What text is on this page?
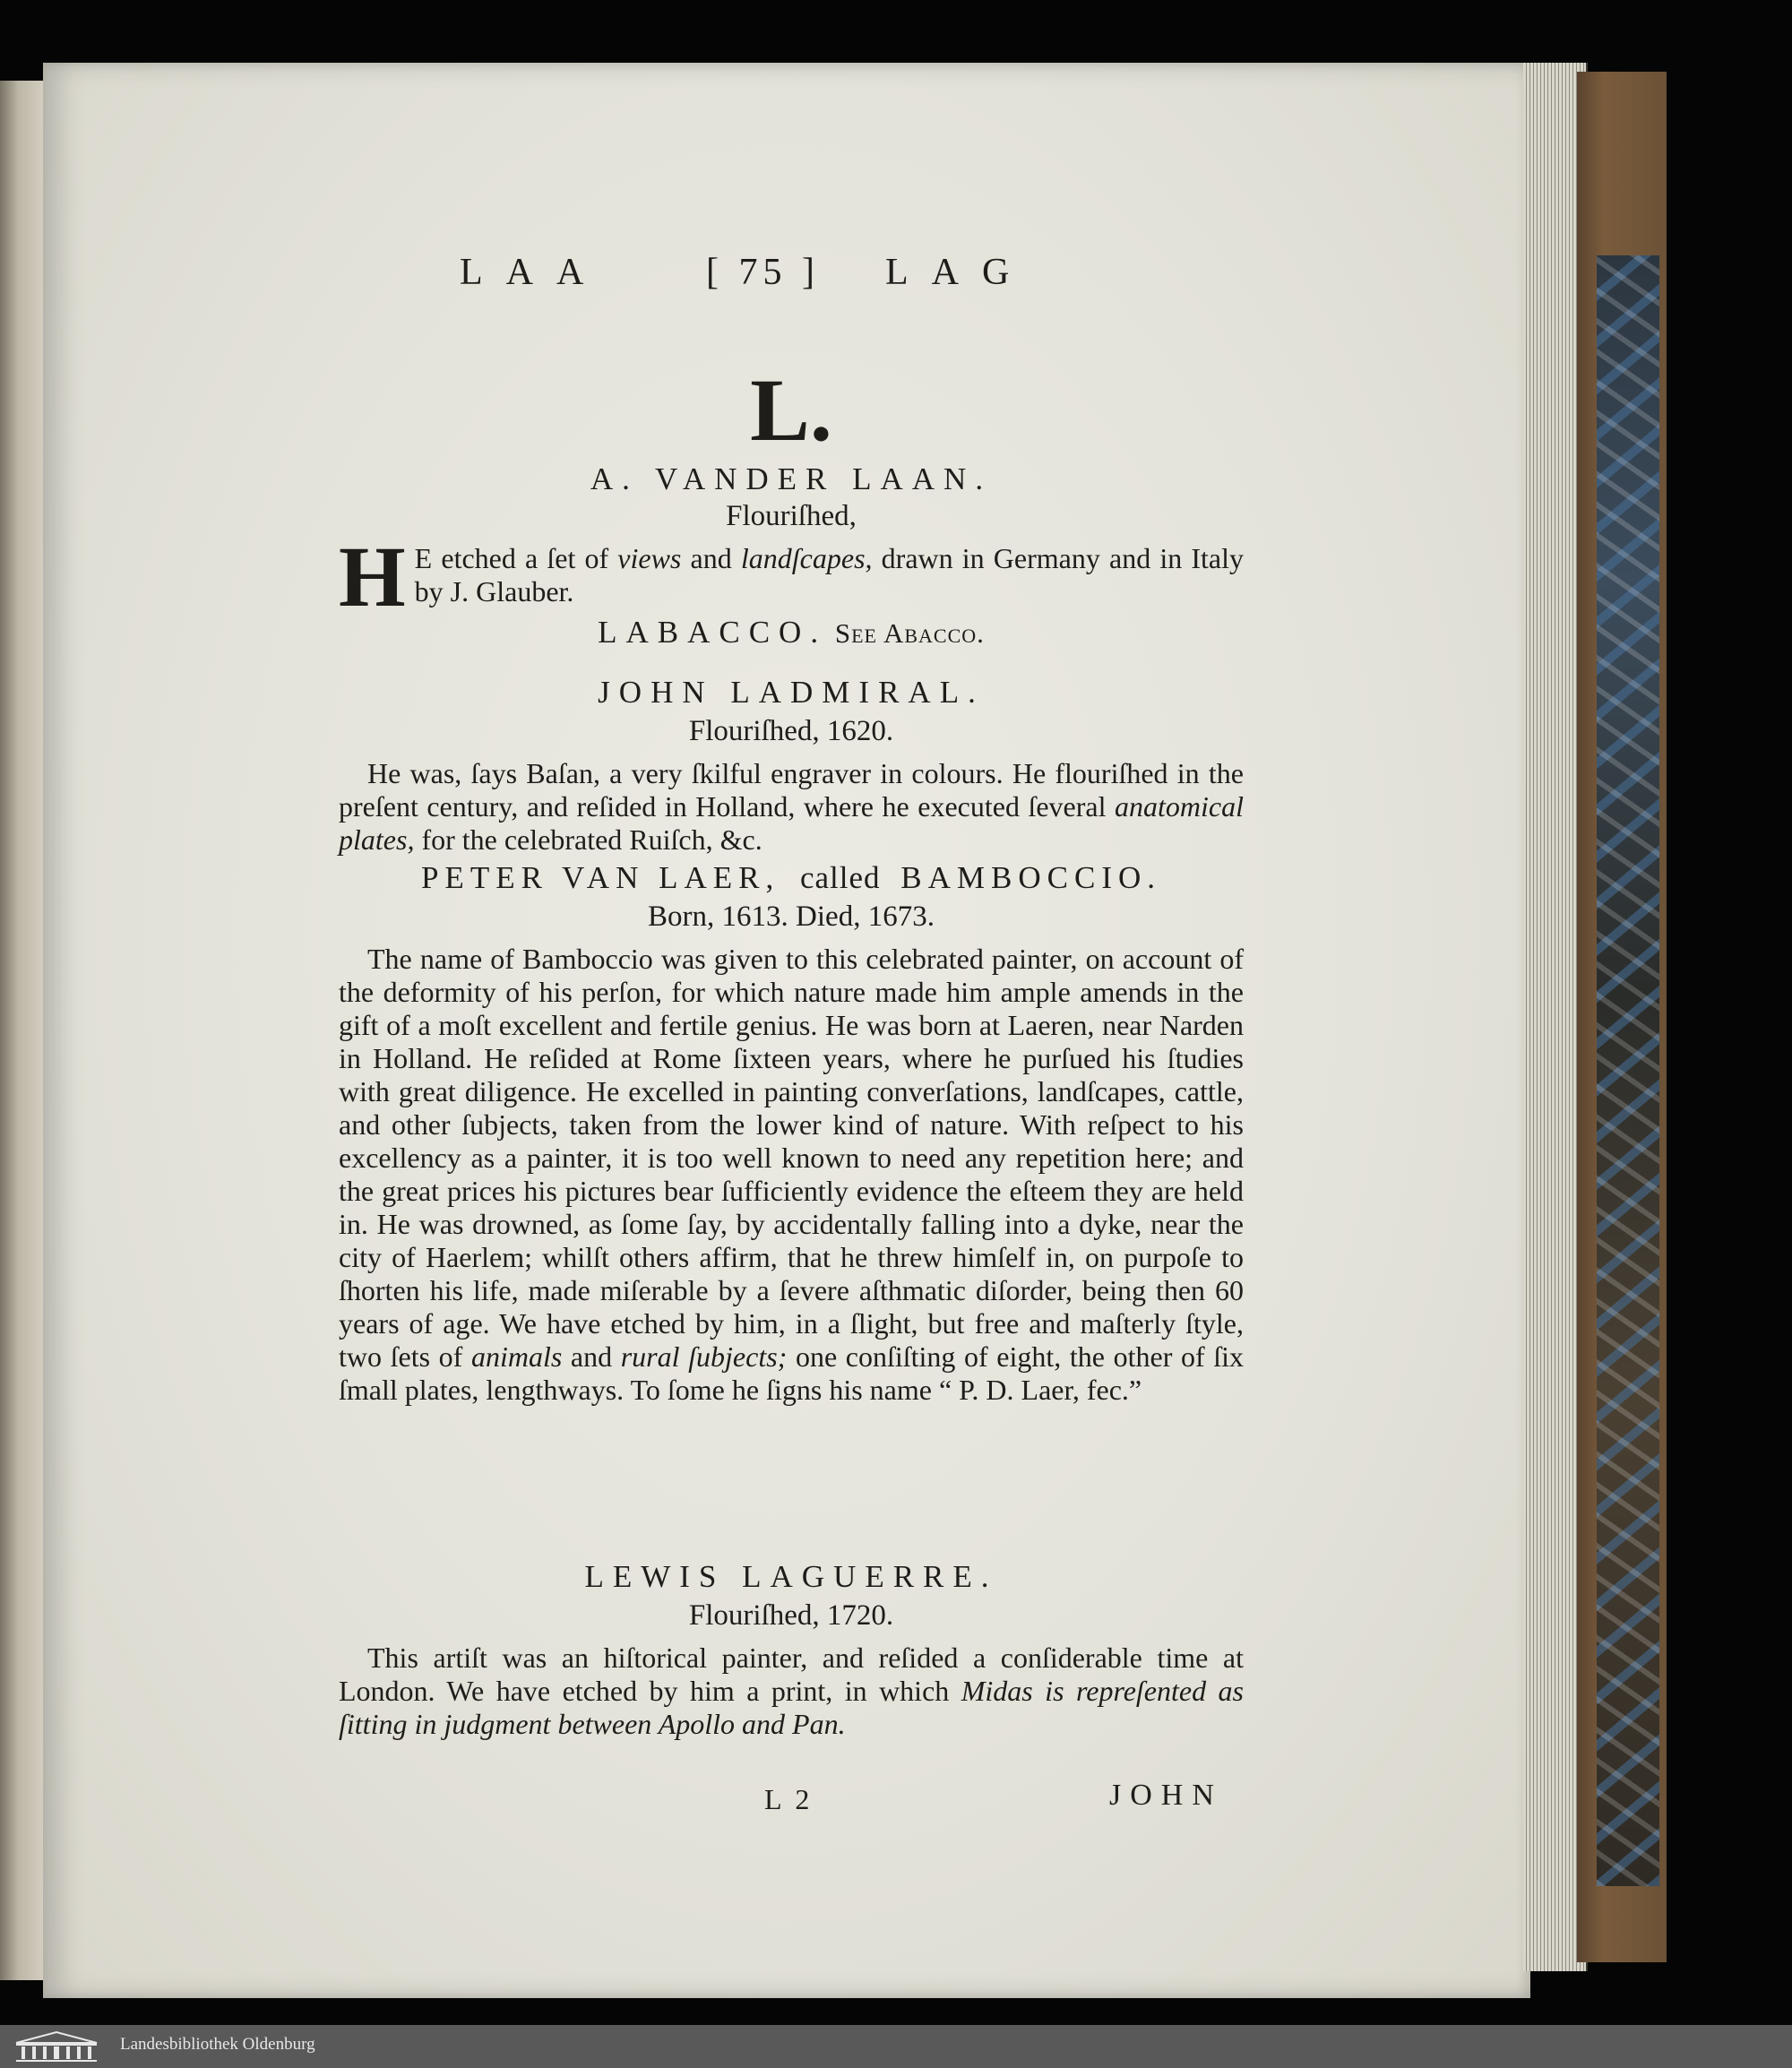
LAA	[ 75 ] LAG
L.
A. VANDER LAAN.
Flouriſhed,
H E etched a ſet of views and landſcapes, drawn in Germany and in Italy by J. Glauber.
LABACCO. See Abacco.
JOHN LADMIRAL.
Flouriſhed, 1620.
He was, ſays Baſan, a very ſkilful engraver in colours. He flouriſhed in the preſent century, and reſided in Holland, where he executed ſeveral anatomical plates, for the celebrated Ruiſch, &c.
PETER VAN LAER, called BAMBOCCIO.
Born, 1613. Died, 1673.
The name of Bamboccio was given to this celebrated painter, on account of the deformity of his perſon, for which nature made him ample amends in the gift of a moſt excellent and fertile genius. He was born at Laeren, near Narden in Holland. He reſided at Rome ſixteen years, where he purſued his ſtudies with great diligence. He excelled in painting converſations, landſcapes, cattle, and other ſubjects, taken from the lower kind of nature. With reſpect to his excellency as a painter, it is too well known to need any repetition here; and the great prices his pictures bear ſufficiently evidence the eſteem they are held in. He was drowned, as ſome ſay, by accidentally falling into a dyke, near the city of Haerlem; whilſt others affirm, that he threw himſelf in, on purpoſe to ſhorten his life, made miſerable by a ſevere aſthmatic diſorder, being then 60 years of age. We have etched by him, in a ſlight, but free and maſterly ſtyle, two ſets of animals and rural ſubjects; one conſiſting of eight, the other of ſix ſmall plates, lengthways. To ſome he ſigns his name “ P. D. Laer, fec.”
LEWIS LAGUERRE.
Flouriſhed, 1720.
This artiſt was an hiſtorical painter, and reſided a conſiderable time at London. We have etched by him a print, in which Midas is repreſented as ſitting in judgment between Apollo and Pan.
L 2	JOHN
Landesbibliothek Oldenburg
